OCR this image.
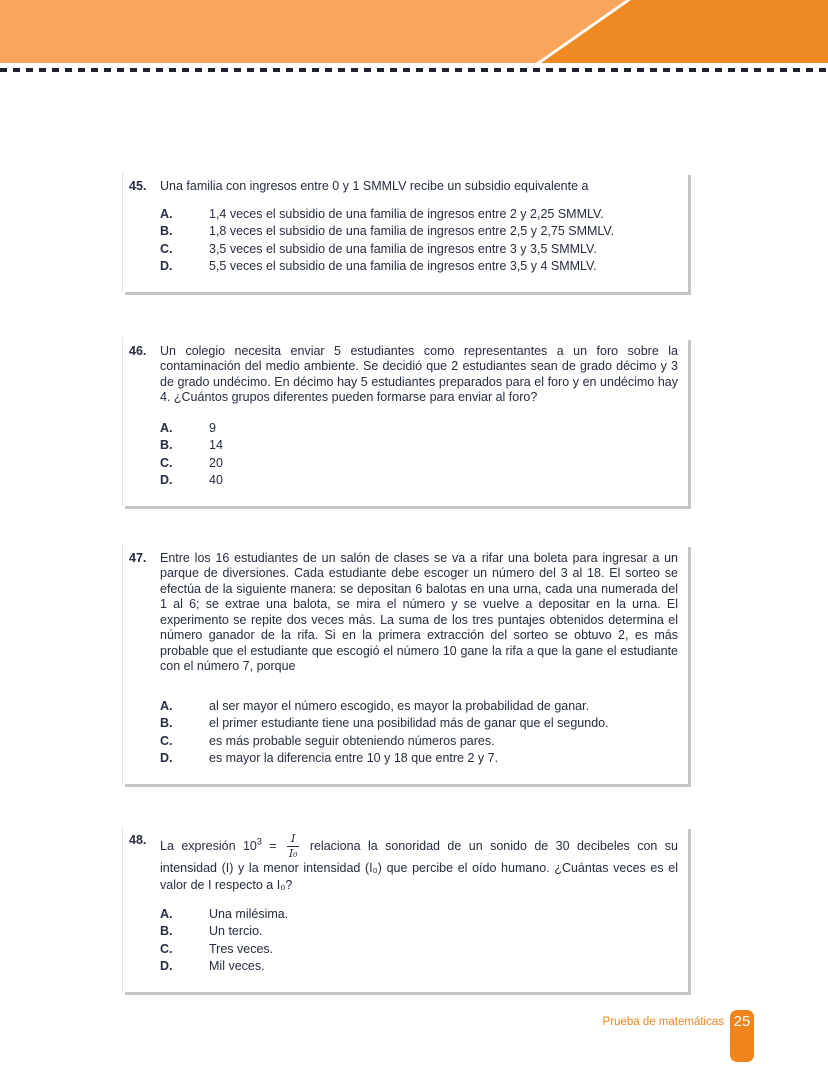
45.	Una familia con ingresos entre 0 y 1 SMMLV recibe un subsidio equivalente a

A.	1,4 veces el subsidio de una familia de ingresos entre 2 y 2,25 SMMLV.
B.	1,8 veces el subsidio de una familia de ingresos entre 2,5 y 2,75 SMMLV.
C.	3,5 veces el subsidio de una familia de ingresos entre 3 y 3,5 SMMLV.
D.	5,5 veces el subsidio de una familia de ingresos entre 3,5 y 4 SMMLV.
46.	Un colegio necesita enviar 5 estudiantes como representantes a un foro sobre la contaminación del medio ambiente. Se decidió que 2 estudiantes sean de grado décimo y 3 de grado undécimo. En décimo hay 5 estudiantes preparados para el foro y en undécimo hay 4. ¿Cuántos grupos diferentes pueden formarse para enviar al foro?

A.	9
B.	14
C.	20
D.	40
47.	Entre los 16 estudiantes de un salón de clases se va a rifar una boleta para ingresar a un parque de diversiones. Cada estudiante debe escoger un número del 3 al 18. El sorteo se efectúa de la siguiente manera: se depositan 6 balotas en una urna, cada una numerada del 1 al 6; se extrae una balota, se mira el número y se vuelve a depositar en la urna. El experimento se repite dos veces más. La suma de los tres puntajes obtenidos determina el número ganador de la rifa. Si en la primera extracción del sorteo se obtuvo 2, es más probable que el estudiante que escogió el número 10 gane la rifa a que la gane el estudiante con el número 7, porque

A.	al ser mayor el número escogido, es mayor la probabilidad de ganar.
B.	el primer estudiante tiene una posibilidad más de ganar que el segundo.
C.	es más probable seguir obteniendo números pares.
D.	es mayor la diferencia entre 10 y 18 que entre 2 y 7.
48.	La expresión $10^3 = \frac{I}{\text{I₀}}$ relaciona la sonoridad de un sonido de 30 decibeles con su intensidad (I) y la menor intensidad (I₀) que percibe el oído humano. ¿Cuántas veces es el valor de I respecto a I₀?

A.	Una milésima.
B.	Un tercio.
C.	Tres veces.
D.	Mil veces.
Prueba de matemáticas 25
